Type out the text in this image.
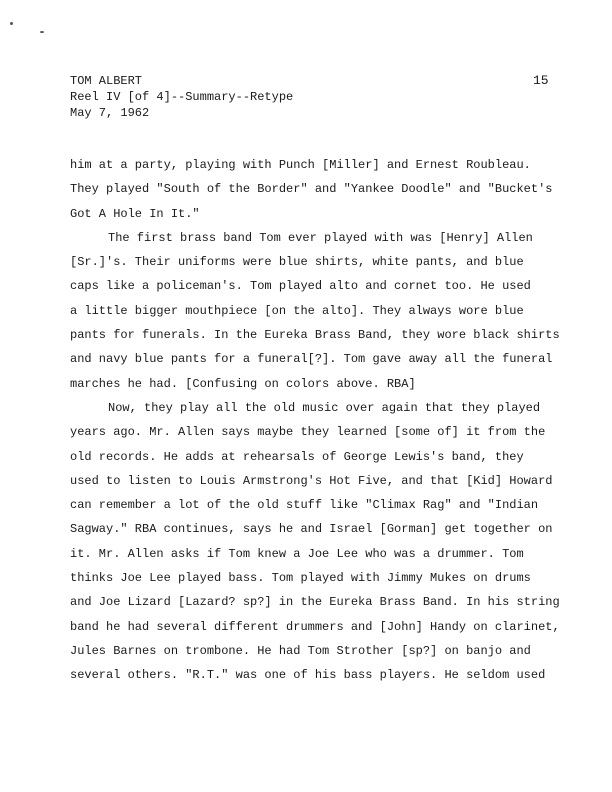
TOM ALBERT
Reel IV [of 4]--Summary--Retype
May 7, 1962
15
him at a party, playing with Punch [Miller] and Ernest Roubleau.
They played "South of the Border" and "Yankee Doodle" and "Bucket's
Got A Hole In It."
The first brass band Tom ever played with was [Henry] Allen
[Sr.]'s. Their uniforms were blue shirts, white pants, and blue
caps like a policeman's. Tom played alto and cornet too. He used
a little bigger mouthpiece [on the alto]. They always wore blue
pants for funerals. In the Eureka Brass Band, they wore black shirts
and navy blue pants for a funeral[?]. Tom gave away all the funeral
marches he had. [Confusing on colors above. RBA]
Now, they play all the old music over again that they played
years ago. Mr. Allen says maybe they learned [some of] it from the
old records. He adds at rehearsals of George Lewis's band, they
used to listen to Louis Armstrong's Hot Five, and that [Kid] Howard
can remember a lot of the old stuff like "Climax Rag" and "Indian
Sagway." RBA continues, says he and Israel [Gorman] get together on
it. Mr. Allen asks if Tom knew a Joe Lee who was a drummer. Tom
thinks Joe Lee played bass. Tom played with Jimmy Mukes on drums
and Joe Lizard [Lazard? sp?] in the Eureka Brass Band. In his string
band he had several different drummers and [John] Handy on clarinet,
Jules Barnes on trombone. He had Tom Strother [sp?] on banjo and
several others. "R.T." was one of his bass players. He seldom used
